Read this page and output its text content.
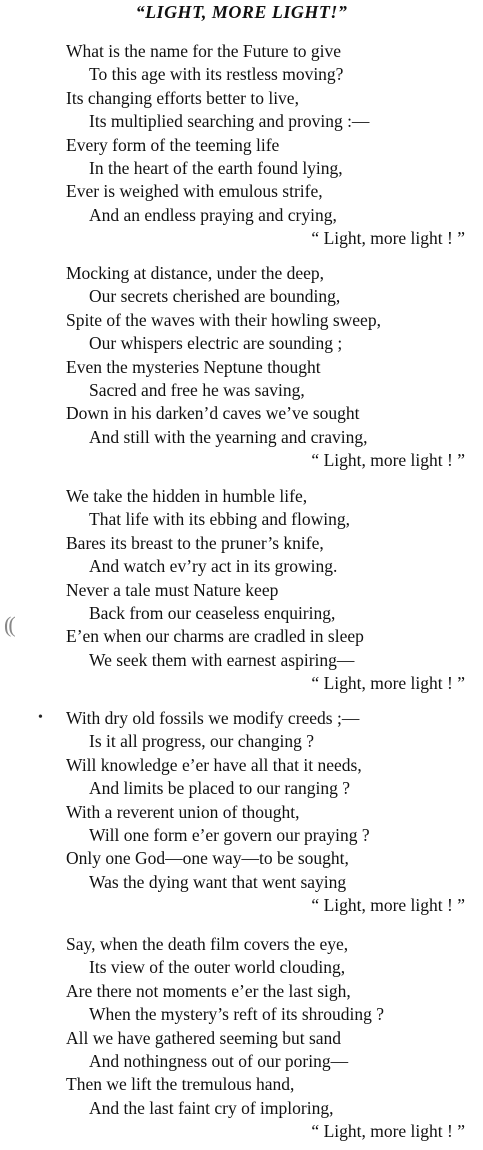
“LIGHT, MORE LIGHT!”
((
•
What is the name for the Future to give
To this age with its restless moving?
Its changing efforts better to live,
Its multiplied searching and proving :—
Every form of the teeming life
In the heart of the earth found lying,
Ever is weighed with emulous strife,
And an endless praying and crying,
“ Light, more light ! ”
Mocking at distance, under the deep,
Our secrets cherished are bounding,
Spite of the waves with their howling sweep,
Our whispers electric are sounding ;
Even the mysteries Neptune thought
Sacred and free he was saving,
Down in his darken’d caves we’ve sought
And still with the yearning and craving,
“ Light, more light ! ”
We take the hidden in humble life,
That life with its ebbing and flowing,
Bares its breast to the pruner’s knife,
And watch ev’ry act in its growing.
Never a tale must Nature keep
Back from our ceaseless enquiring,
E’en when our charms are cradled in sleep
We seek them with earnest aspiring—
“ Light, more light ! ”
With dry old fossils we modify creeds ;—
Is it all progress, our changing ?
Will knowledge e’er have all that it needs,
And limits be placed to our ranging ?
With a reverent union of thought,
Will one form e’er govern our praying ?
Only one God—one way—to be sought,
Was the dying want that went saying
“ Light, more light ! ”
Say, when the death film covers the eye,
Its view of the outer world clouding,
Are there not moments e’er the last sigh,
When the mystery’s reft of its shrouding ?
All we have gathered seeming but sand
And nothingness out of our poring—
Then we lift the tremulous hand,
And the last faint cry of imploring,
“ Light, more light ! ”
